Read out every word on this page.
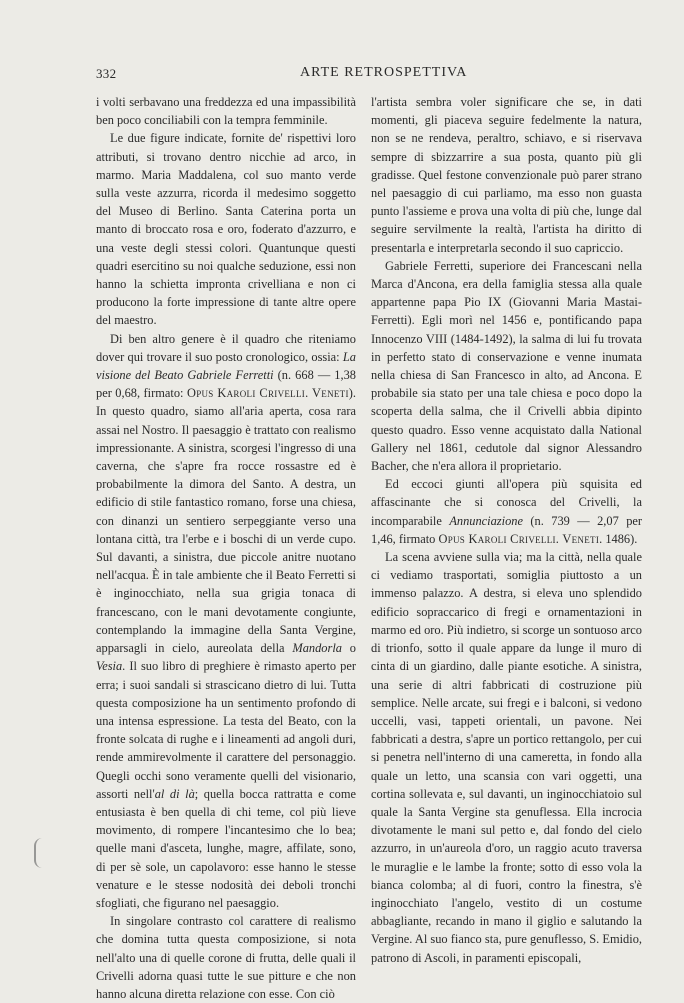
332	ARTE RETROSPETTIVA

i volti serbavano una freddezza ed una impassibilità ben poco conciliabili con la tempra femminile.

Le due figure indicate, fornite de' rispettivi loro attributi, si trovano dentro nicchie ad arco, in marmo. Maria Maddalena, col suo manto verde sulla veste azzurra, ricorda il medesimo soggetto del Museo di Berlino. Santa Caterina porta un manto di broccato rosa e oro, foderato d'azzurro, e una veste degli stessi colori. Quantunque questi quadri esercitino su noi qualche seduzione, essi non hanno la schietta impronta crivelliana e non ci producono la forte impressione di tante altre opere del maestro.

Di ben altro genere è il quadro che riteniamo dover qui trovare il suo posto cronologico, ossia: La visione del Beato Gabriele Ferretti (n. 668 — 1,38 per 0,68, firmato: Opus Karoli Crivelli. Veneti). In questo quadro, siamo all'aria aperta, cosa rara assai nel Nostro. Il paesaggio è trattato con realismo impressionante. A sinistra, scorgesi l'ingresso di una caverna, che s'apre fra rocce rossastre ed è probabilmente la dimora del Santo. A destra, un edificio di stile fantastico romano, forse una chiesa, con dinanzi un sentiero serpeggiante verso una lontana città, tra l'erbe e i boschi di un verde cupo. Sul davanti, a sinistra, due piccole anitre nuotano nell'acqua. È in tale ambiente che il Beato Ferretti si è inginocchiato, nella sua grigia tonaca di francescano, con le mani devotamente congiunte, contemplando la immagine della Santa Vergine, apparsagli in cielo, aureolata della Mandorla o Vesia. Il suo libro di preghiere è rimasto aperto per erra; i suoi sandali si strascicano dietro di lui. Tutta questa composizione ha un sentimento profondo di una intensa espressione. La testa del Beato, con la fronte solcata di rughe e i lineamenti ad angoli duri, rende ammirevolmente il carattere del personaggio. Quegli occhi sono veramente quelli del visionario, assorti nell'al di là; quella bocca rattratta e come entusiasta è ben quella di chi teme, col più lieve movimento, di rompere l'incantesimo che lo bea; quelle mani d'asceta, lunghe, magre, affilate, sono, di per sè sole, un capolavoro: esse hanno le stesse venature e le stesse nodosità dei deboli tronchi sfogliati, che figurano nel paesaggio.

In singolare contrasto col carattere di realismo che domina tutta questa composizione, si nota nell'alto una di quelle corone di frutta, delle quali il Crivelli adorna quasi tutte le sue pitture e che non hanno alcuna diretta relazione con esse. Con ciò

l'artista sembra voler significare che se, in dati momenti, gli piaceva seguire fedelmente la natura, non se ne rendeva, peraltro, schiavo, e si riservava sempre di sbizzarrire a sua posta, quanto più gli gradisse. Quel festone convenzionale può parer strano nel paesaggio di cui parliamo, ma esso non guasta punto l'assieme e prova una volta di più che, lunge dal seguire servilmente la realtà, l'artista ha diritto di presentarla e interpretarla secondo il suo capriccio.

Gabriele Ferretti, superiore dei Francescani nella Marca d'Ancona, era della famiglia stessa alla quale appartenne papa Pio IX (Giovanni Maria Mastai-Ferretti). Egli morì nel 1456 e, pontificando papa Innocenzo VIII (1484-1492), la salma di lui fu trovata in perfetto stato di conservazione e venne inumata nella chiesa di San Francesco in alto, ad Ancona. E probabile sia stato per una tale chiesa e poco dopo la scoperta della salma, che il Crivelli abbia dipinto questo quadro. Esso venne acquistato dalla National Gallery nel 1861, cedutole dal signor Alessandro Bacher, che n'era allora il proprietario.

Ed eccoci giunti all'opera più squisita ed affascinante che si conosca del Crivelli, la incomparabile Annunciazione (n. 739 — 2,07 per 1,46, firmato Opus Karoli Crivelli. Veneti. 1486).

La scena avviene sulla via; ma la città, nella quale ci vediamo trasportati, somiglia piuttosto a un immenso palazzo. A destra, si eleva uno splendido edificio sopraccarico di fregi e ornamentazioni in marmo ed oro. Più indietro, si scorge un sontuoso arco di trionfo, sotto il quale appare da lunge il muro di cinta di un giardino, dalle piante esotiche. A sinistra, una serie di altri fabbricati di costruzione più semplice. Nelle arcate, sui fregi e i balconi, si vedono uccelli, vasi, tappeti orientali, un pavone. Nei fabbricati a destra, s'apre un portico rettangolo, per cui si penetra nell'interno di una cameretta, in fondo alla quale un letto, una scansia con vari oggetti, una cortina sollevata e, sul davanti, un inginocchiatoio sul quale la Santa Vergine sta genuflessa. Ella incrocia divotamente le mani sul petto e, dal fondo del cielo azzurro, in un'aureola d'oro, un raggio acuto traversa le muraglie e le lambe la fronte; sotto di esso vola la bianca colomba; al di fuori, contro la finestra, s'è inginocchiato l'angelo, vestito di un costume abbagliante, recando in mano il giglio e salutando la Vergine. Al suo fianco sta, pure genuflesso, S. Emidio, patrono di Ascoli, in paramenti episcopali,
